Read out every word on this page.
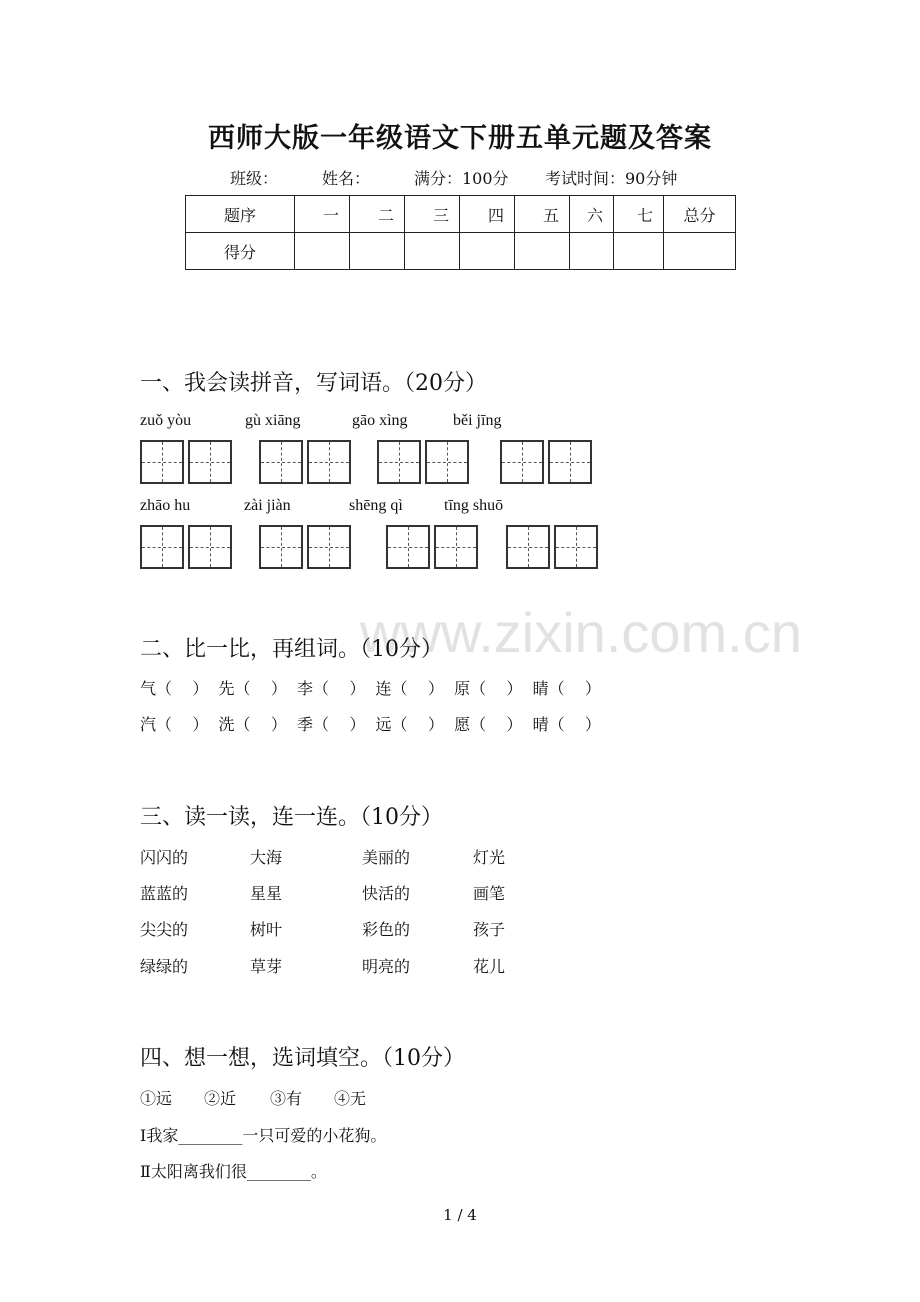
西师大版一年级语文下册五单元题及答案
班级：	姓名：	满分：100分 考试时间：90分钟
题序	一	二	三	四	五	六	七	总分
得分								
一、我会读拼音，写词语。（20分）
zuǒ yòu	gù xiāng	gāo xìng	běi jīng
zhāo hu	zài jiàn	shēng qì	tīng shuō
www.zixin.com.cn
二、比一比，再组词。（10分）
气（    ）  先（    ）  李（    ）  连（    ）  原（    ）  睛（    ）
汽（    ）  洗（    ）  季（    ）  远（    ）  愿（    ）  晴（    ）
三、读一读，连一连。（10分）
闪闪的	大海	美丽的	灯光
蓝蓝的	星星	快活的	画笔
尖尖的	树叶	彩色的	孩子
绿绿的	草芽	明亮的	花儿
四、想一想，选词填空。（10分）
①远 ②近 ③有 ④无
Ⅰ我家________一只可爱的小花狗。
Ⅱ太阳离我们很________。
1 / 4
